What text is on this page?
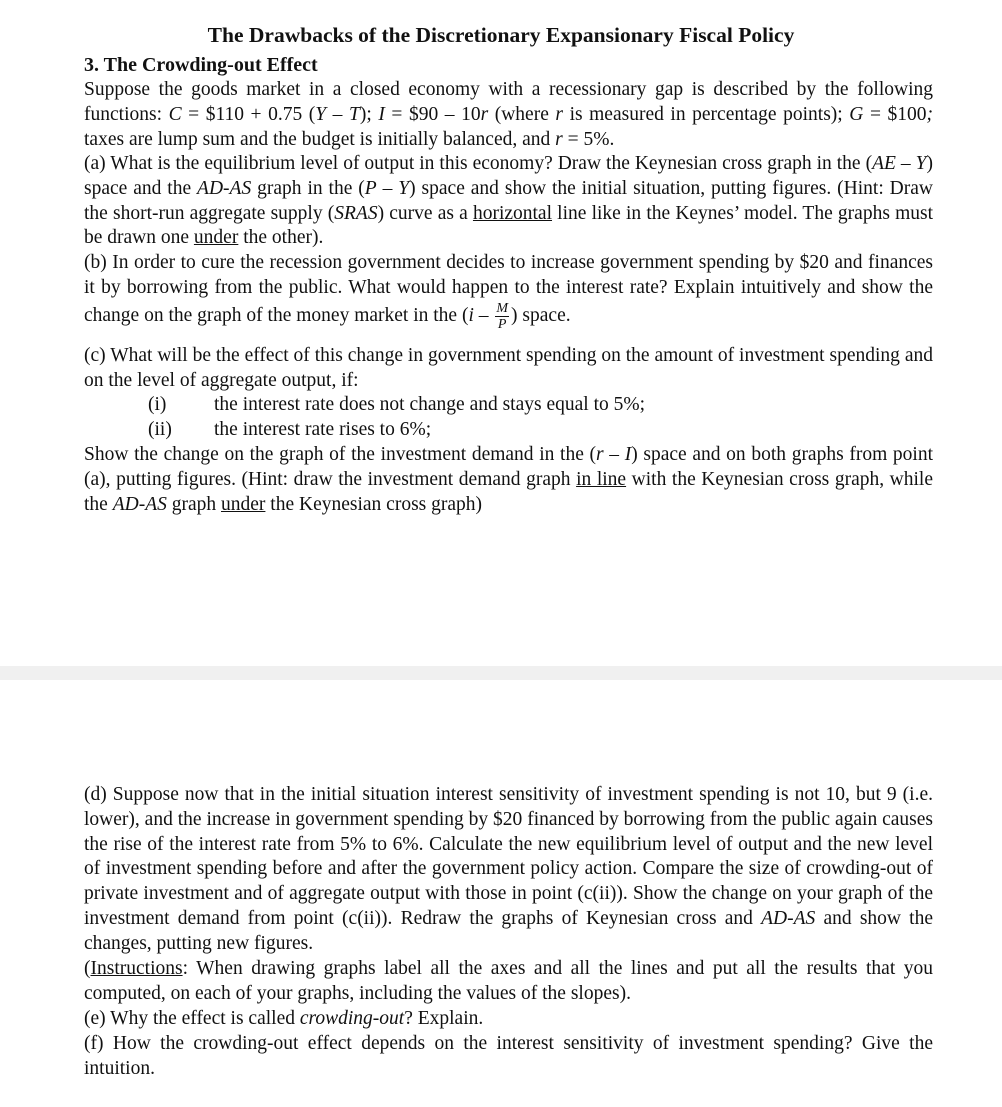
The Drawbacks of the Discretionary Expansionary Fiscal Policy
3. The Crowding-out Effect

Suppose the goods market in a closed economy with a recessionary gap is described by the following functions: C = $110 + 0.75 (Y – T); I = $90 – 10r (where r is measured in percentage points); G = $100; taxes are lump sum and the budget is initially balanced, and r = 5%.

(a) What is the equilibrium level of output in this economy? Draw the Keynesian cross graph in the (AE – Y) space and the AD-AS graph in the (P – Y) space and show the initial situation, putting figures. (Hint: Draw the short-run aggregate supply (SRAS) curve as a horizontal line like in the Keynes’ model. The graphs must be drawn one under the other).

(b) In order to cure the recession government decides to increase government spending by $20 and finances it by borrowing from the public. What would happen to the interest rate? Explain intuitively and show the change on the graph of the money market in the ($i - \frac{M}{P}$ ) space.

(c) What will be the effect of this change in government spending on the amount of investment spending and on the level of aggregate output, if:

(i) the interest rate does not change and stays equal to 5%;

(ii) the interest rate rises to 6%;

Show the change on the graph of the investment demand in the (r – I) space and on both graphs from point (a), putting figures. (Hint: draw the investment demand graph in line with the Keynesian cross graph, while the AD-AS graph under the Keynesian cross graph)

(d) Suppose now that in the initial situation interest sensitivity of investment spending is not 10, but 9 (i.e. lower), and the increase in government spending by $20 financed by borrowing from the public again causes the rise of the interest rate from 5% to 6%. Calculate the new equilibrium level of output and the new level of investment spending before and after the government policy action. Compare the size of crowding-out of private investment and of aggregate output with those in point (c(ii)). Show the change on your graph of the investment demand from point (c(ii)). Redraw the graphs of Keynesian cross and AD-AS and show the changes, putting new figures.

(Instructions: When drawing graphs label all the axes and all the lines and put all the results that you computed, on each of your graphs, including the values of the slopes).

(e) Why the effect is called crowding-out? Explain.

(f) How the crowding-out effect depends on the interest sensitivity of investment spending? Give the intuition.
